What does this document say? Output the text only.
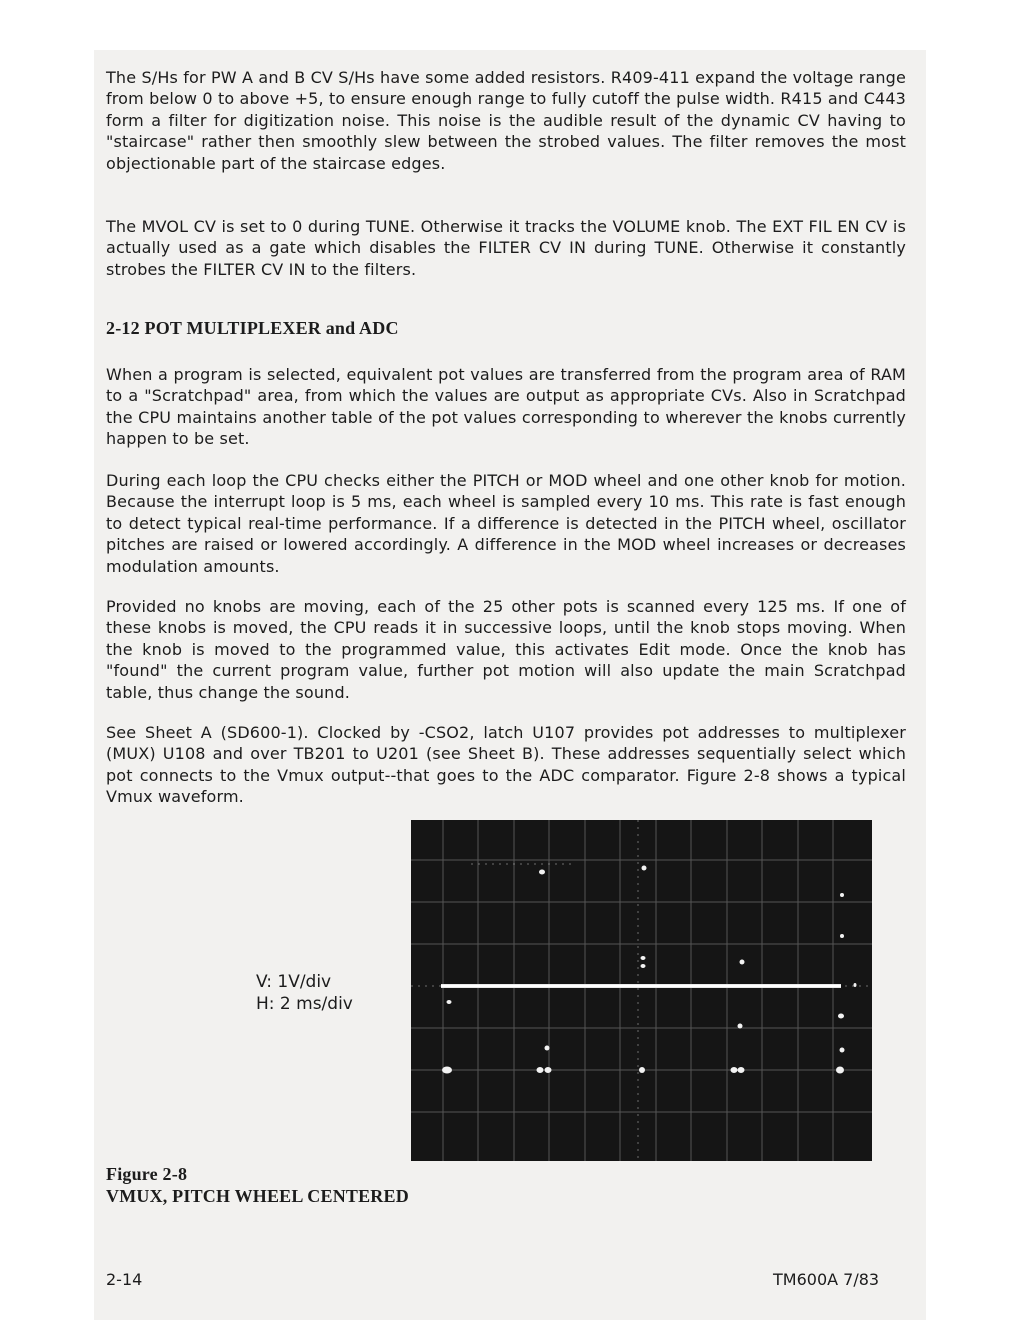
The S/Hs for PW A and B CV S/Hs have some added resistors. R409-411 expand the voltage range from below 0 to above +5, to ensure enough range to fully cutoff the pulse width. R415 and C443 form a filter for digitization noise. This noise is the audible result of the dynamic CV having to "staircase" rather then smoothly slew between the strobed values. The filter removes the most objectionable part of the staircase edges.

The MVOL CV is set to 0 during TUNE. Otherwise it tracks the VOLUME knob. The EXT FIL EN CV is actually used as a gate which disables the FILTER CV IN during TUNE. Otherwise it constantly strobes the FILTER CV IN to the filters.

2-12 POT MULTIPLEXER and ADC

When a program is selected, equivalent pot values are transferred from the program area of RAM to a "Scratchpad" area, from which the values are output as appropriate CVs. Also in Scratchpad the CPU maintains another table of the pot values corresponding to wherever the knobs currently happen to be set.

During each loop the CPU checks either the PITCH or MOD wheel and one other knob for motion. Because the interrupt loop is 5 ms, each wheel is sampled every 10 ms. This rate is fast enough to detect typical real-time performance. If a difference is detected in the PITCH wheel, oscillator pitches are raised or lowered accordingly. A difference in the MOD wheel increases or decreases modulation amounts.

Provided no knobs are moving, each of the 25 other pots is scanned every 125 ms. If one of these knobs is moved, the CPU reads it in successive loops, until the knob stops moving. When the knob is moved to the programmed value, this activates Edit mode. Once the knob has "found" the current program value, further pot motion will also update the main Scratchpad table, thus change the sound.

See Sheet A (SD600-1). Clocked by -CSO2, latch U107 provides pot addresses to multiplexer (MUX) U108 and over TB201 to U201 (see Sheet B). These addresses sequentially select which pot connects to the Vmux output--that goes to the ADC comparator. Figure 2-8 shows a typical Vmux waveform.

V: 1V/div
H: 2 ms/div
Figure 2-8
VMUX, PITCH WHEEL CENTERED
2-14	TM600A 7/83
